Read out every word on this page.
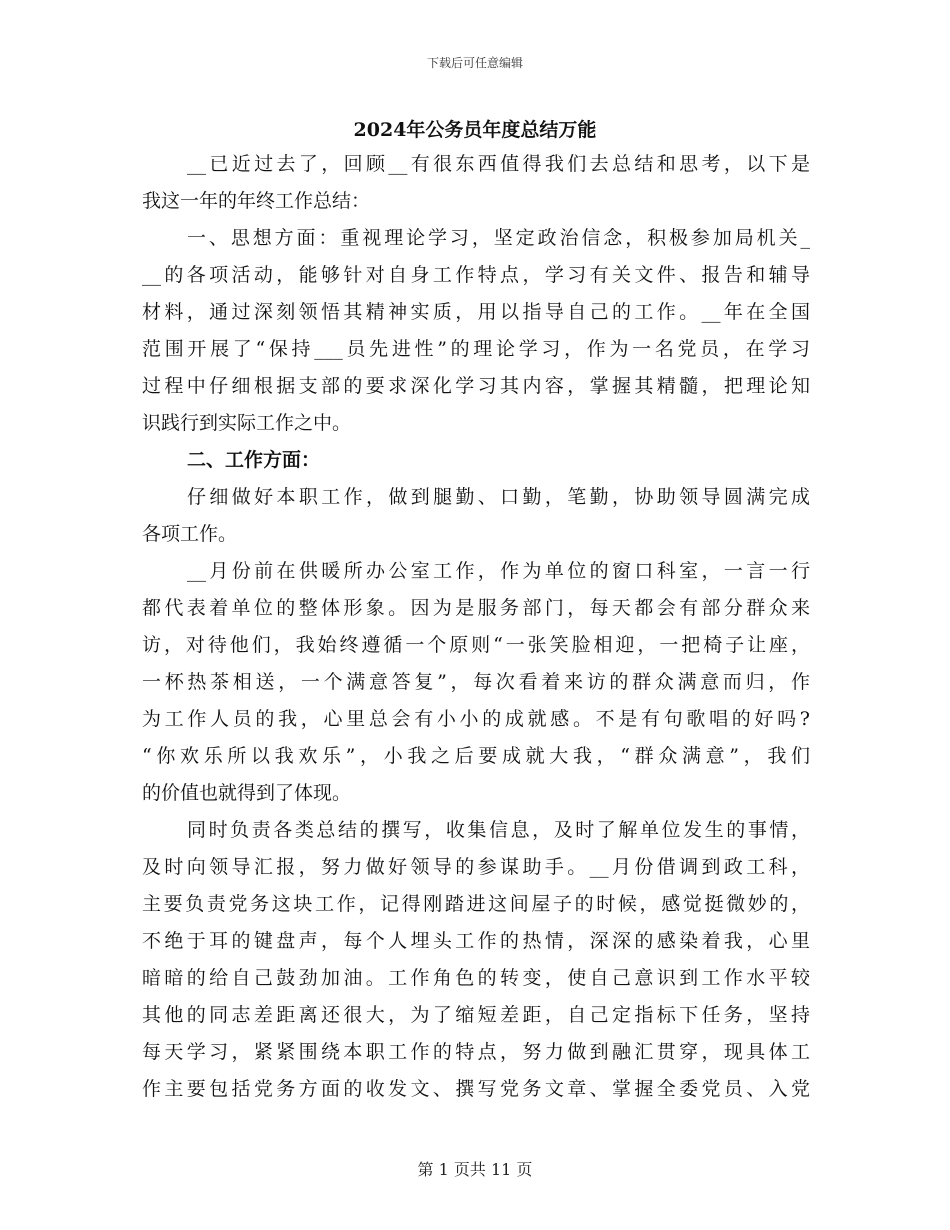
下载后可任意编辑
2024年公务员年度总结万能
__已近过去了，回顾__有很东西值得我们去总结和思考，以下是
我这一年的年终工作总结：
一、思想方面：重视理论学习，坚定政治信念，积极参加局机关_
__的各项活动，能够针对自身工作特点，学习有关文件、报告和辅导
材料，通过深刻领悟其精神实质，用以指导自己的工作。__年在全国
范围开展了“保持___员先进性”的理论学习，作为一名党员，在学习
过程中仔细根据支部的要求深化学习其内容，掌握其精髓，把理论知
识践行到实际工作之中。
二、工作方面：
仔细做好本职工作，做到腿勤、口勤，笔勤，协助领导圆满完成
各项工作。
__月份前在供暖所办公室工作，作为单位的窗口科室，一言一行
都代表着单位的整体形象。因为是服务部门，每天都会有部分群众来
访，对待他们，我始终遵循一个原则“一张笑脸相迎，一把椅子让座，
一杯热茶相送，一个满意答复”，每次看着来访的群众满意而归，作
为工作人员的我，心里总会有小小的成就感。不是有句歌唱的好吗?
“你欢乐所以我欢乐”，小我之后要成就大我，“群众满意”，我们
的价值也就得到了体现。
同时负责各类总结的撰写，收集信息，及时了解单位发生的事情，
及时向领导汇报，努力做好领导的参谋助手。__月份借调到政工科，
主要负责党务这块工作，记得刚踏进这间屋子的时候，感觉挺微妙的，
不绝于耳的键盘声，每个人埋头工作的热情，深深的感染着我，心里
暗暗的给自己鼓劲加油。工作角色的转变，使自己意识到工作水平较
其他的同志差距离还很大，为了缩短差距，自己定指标下任务，坚持
每天学习，紧紧围绕本职工作的特点，努力做到融汇贯穿，现具体工
作主要包括党务方面的收发文、撰写党务文章、掌握全委党员、入党
第 1 页共 11 页
